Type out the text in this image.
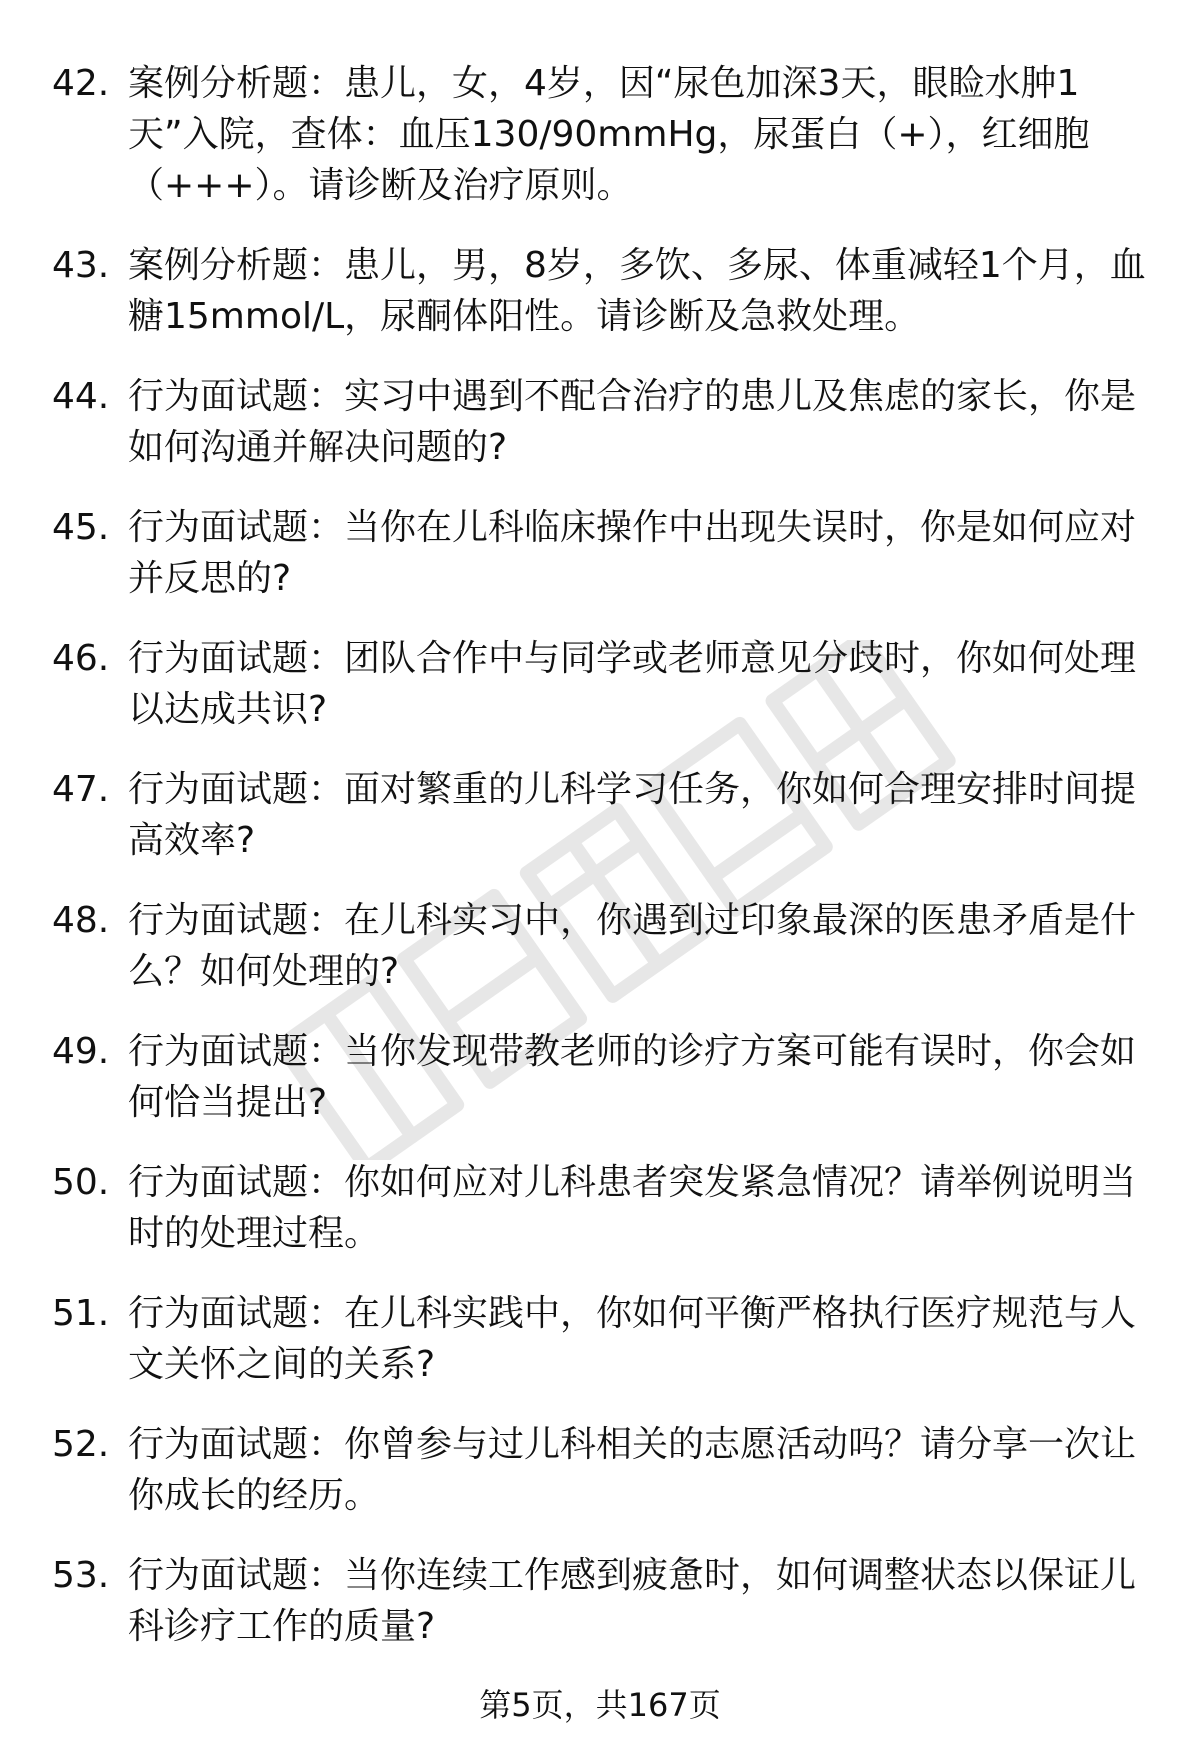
42. 案例分析题：患儿，女，4岁，因“尿色加深3天，眼睑水肿1天”入院，查体：血压130/90mmHg，尿蛋白（+），红细胞（+++）。请诊断及治疗原则。
43. 案例分析题：患儿，男，8岁，多饮、多尿、体重减轻1个月，血糖15mmol/L，尿酮体阳性。请诊断及急救处理。
44. 行为面试题：实习中遇到不配合治疗的患儿及焦虑的家长，你是如何沟通并解决问题的?
45. 行为面试题：当你在儿科临床操作中出现失误时，你是如何应对并反思的?
46. 行为面试题：团队合作中与同学或老师意见分歧时，你如何处理以达成共识?
47. 行为面试题：面对繁重的儿科学习任务，你如何合理安排时间提高效率?
48. 行为面试题：在儿科实习中，你遇到过印象最深的医患矛盾是什么？如何处理的?
49. 行为面试题：当你发现带教老师的诊疗方案可能有误时，你会如何恰当提出?
50. 行为面试题：你如何应对儿科患者突发紧急情况？请举例说明当时的处理过程。
51. 行为面试题：在儿科实践中，你如何平衡严格执行医疗规范与人文关怀之间的关系?
52. 行为面试题：你曾参与过儿科相关的志愿活动吗？请分享一次让你成长的经历。
53. 行为面试题：当你连续工作感到疲惫时，如何调整状态以保证儿科诊疗工作的质量?
第5页，共167页
